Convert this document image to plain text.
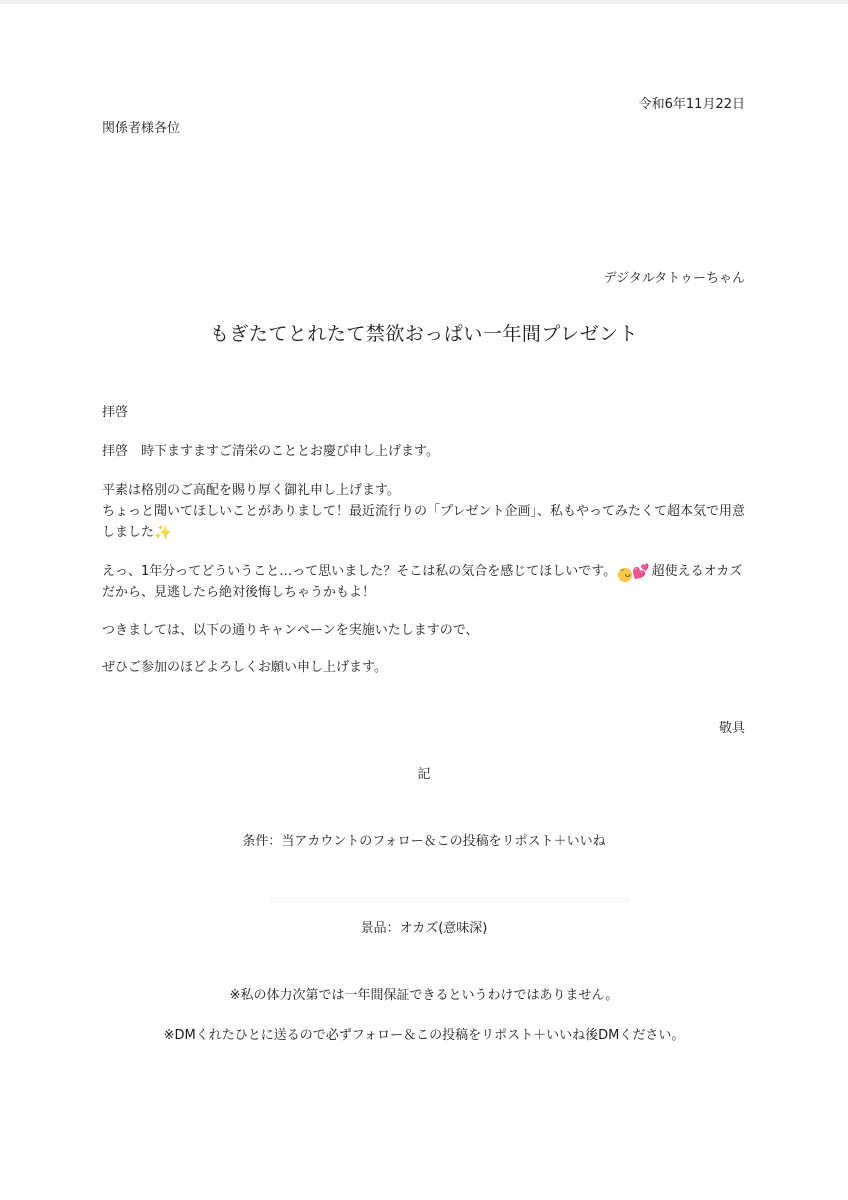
令和6年11月22日
関係者様各位
デジタルタトゥーちゃん
もぎたてとれたて禁欲おっぱい一年間プレゼント
拝啓
拝啓　時下ますますご清栄のこととお慶び申し上げます。
平素は格別のご高配を賜り厚く御礼申し上げます。
ちょっと聞いてほしいことがありまして！最近流行りの「プレゼント企画」、私もやってみたくて超本気で用意しました✨
えっ、1年分ってどういうこと…って思いました？そこは私の気合を感じてほしいです。 ˘ᴗ💕 超使えるオカズだから、見逃したら絶対後悔しちゃうかもよ！
つきましては、以下の通りキャンペーンを実施いたしますので、
ぜひご参加のほどよろしくお願い申し上げます。
敬具
記
条件：当アカウントのフォロー＆この投稿をリポスト＋いいね
景品：オカズ(意味深)
※私の体力次第では一年間保証できるというわけではありません。
※DMくれたひとに送るので必ずフォロー＆この投稿をリポスト＋いいね後DMください。
